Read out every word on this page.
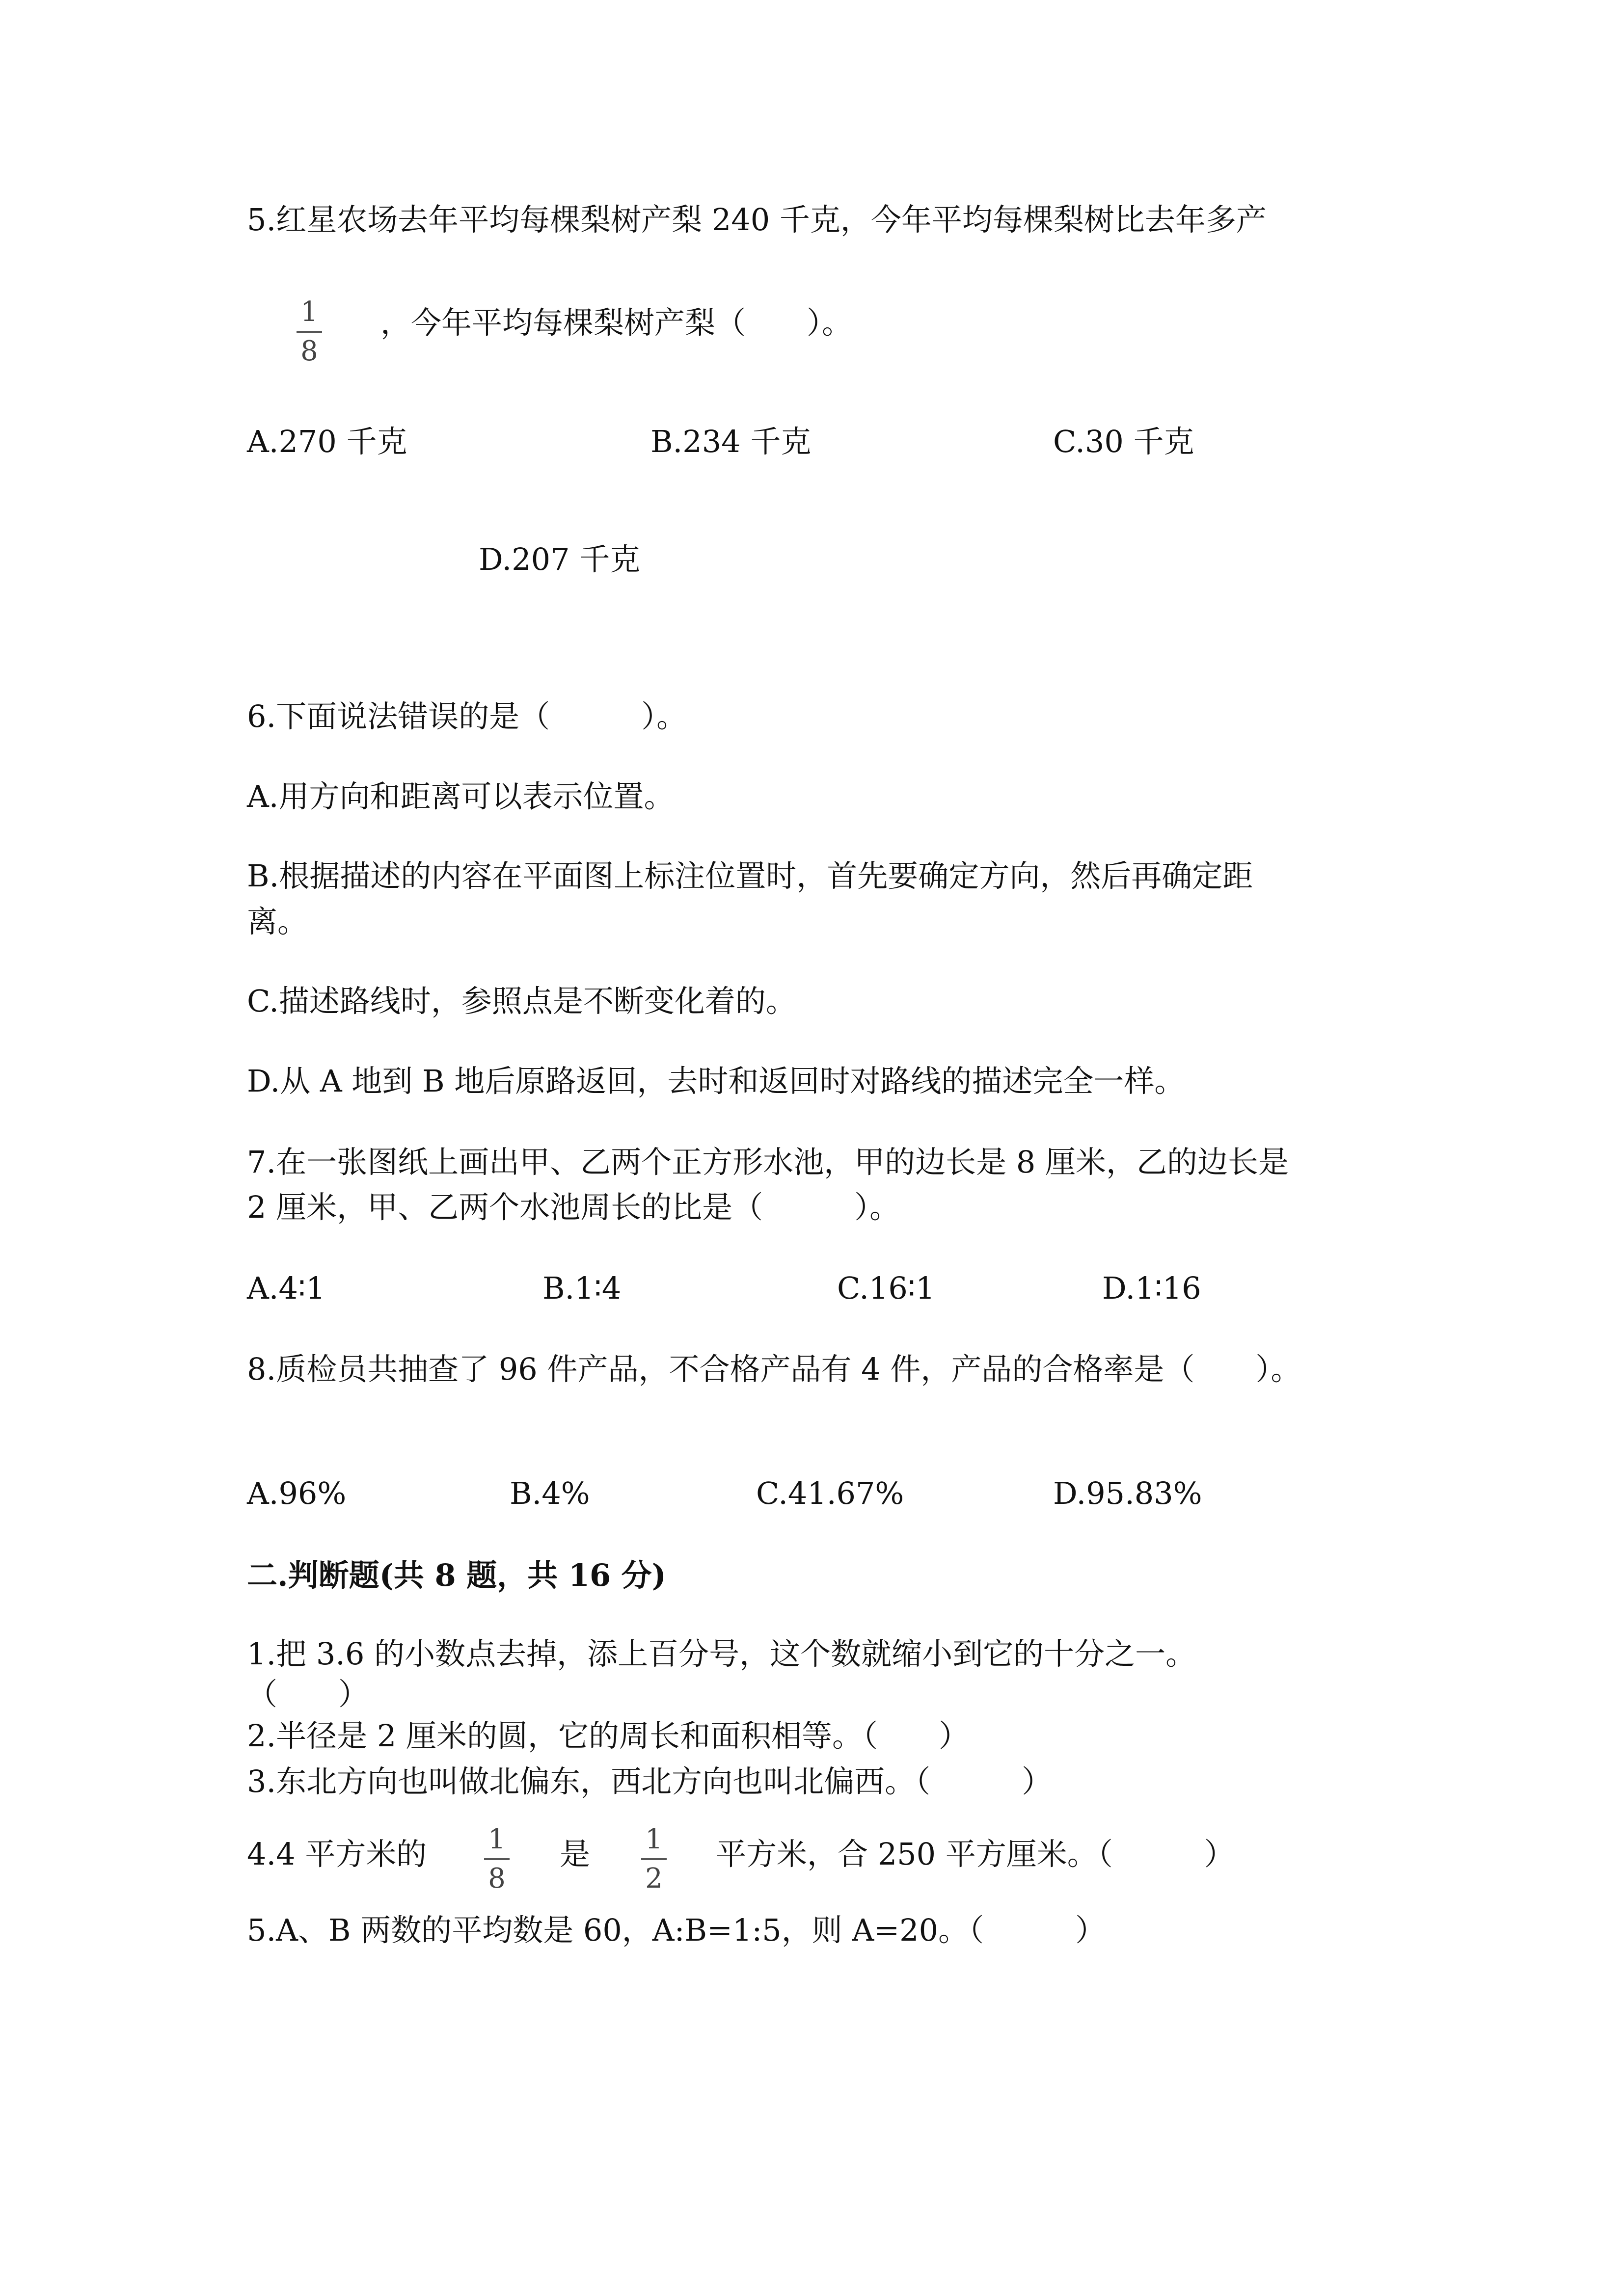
5.红星农场去年平均每棵梨树产梨 240 千克，今年平均每棵梨树比去年多产
1
8
，今年平均每棵梨树产梨（　　）。
A.270 千克	B.234 千克	C.30 千克
D.207 千克
6.下面说法错误的是（　　　）。
A.用方向和距离可以表示位置。
B.根据描述的内容在平面图上标注位置时，首先要确定方向，然后再确定距
离。
C.描述路线时，参照点是不断变化着的。
D.从 A 地到 B 地后原路返回，去时和返回时对路线的描述完全一样。
7.在一张图纸上画出甲、乙两个正方形水池，甲的边长是 8 厘米，乙的边长是
2 厘米，甲、乙两个水池周长的比是（　　　）。
A.4∶1	B.1∶4	C.16∶1	D.1∶16
8.质检员共抽查了 96 件产品，不合格产品有 4 件，产品的合格率是（　　）。
A.96%	B.4%	C.41.67%	D.95.83%
二.判断题(共 8 题，共 16 分)
1.把 3.6 的小数点去掉，添上百分号，这个数就缩小到它的十分之一。
（　　）
2.半径是 2 厘米的圆，它的周长和面积相等。（　　）
3.东北方向也叫做北偏东，西北方向也叫北偏西。（　　　）
4.4 平方米的 1
8
是 1
2
平方米，合 250 平方厘米。（　　　）
5.A、B 两数的平均数是 60，A:B=1:5，则 A=20。（　　　）
